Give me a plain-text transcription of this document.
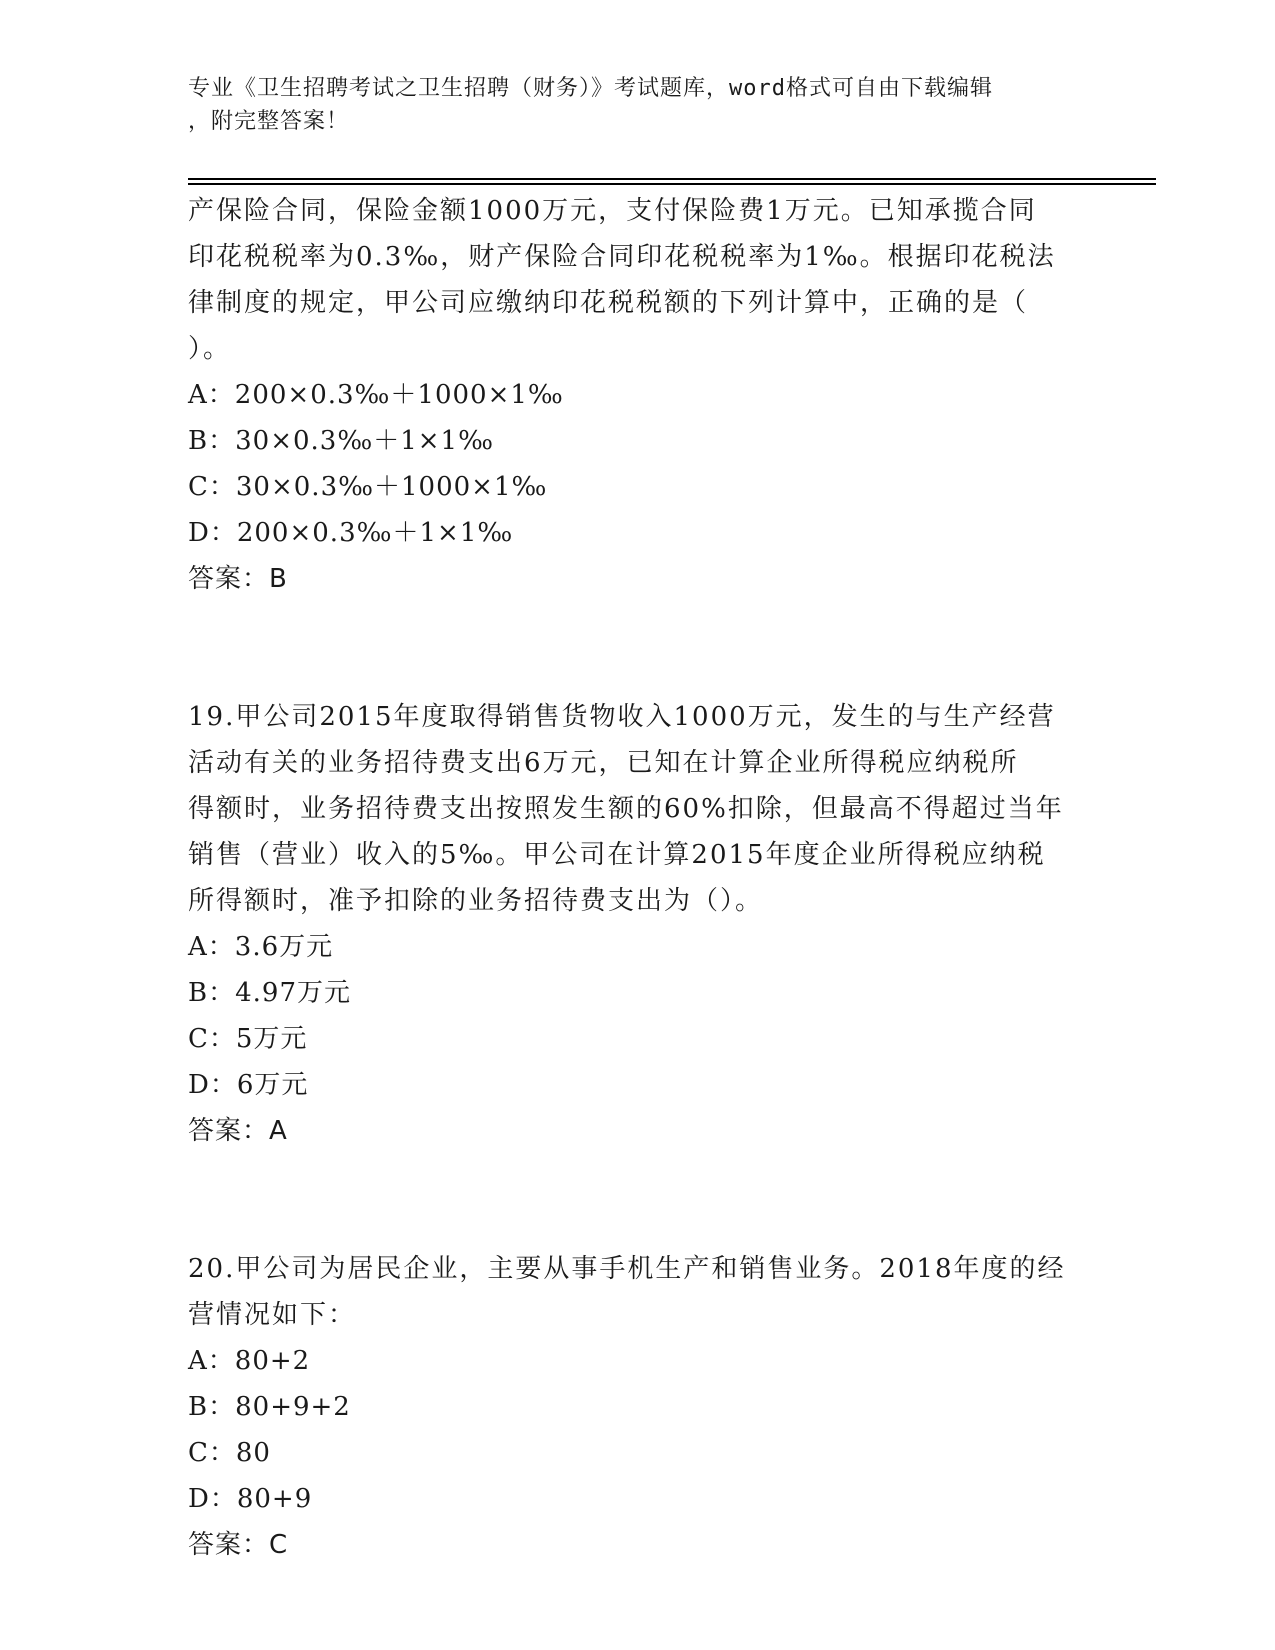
专业《卫生招聘考试之卫生招聘（财务）》考试题库，word格式可自由下载编辑
，附完整答案！
产保险合同，保险金额1000万元，支付保险费1万元。已知承揽合同
印花税税率为0.3‰，财产保险合同印花税税率为1‰。根据印花税法
律制度的规定，甲公司应缴纳印花税税额的下列计算中，正确的是（
）。
A：200×0.3‰＋1000×1‰
B：30×0.3‰＋1×1‰
C：30×0.3‰＋1000×1‰
D：200×0.3‰＋1×1‰
答案：B
19.甲公司2015年度取得销售货物收入1000万元，发生的与生产经营
活动有关的业务招待费支出6万元，已知在计算企业所得税应纳税所
得额时，业务招待费支出按照发生额的60%扣除，但最高不得超过当年
销售（营业）收入的5‰。甲公司在计算2015年度企业所得税应纳税
所得额时，准予扣除的业务招待费支出为（）。
A：3.6万元
B：4.97万元
C：5万元
D：6万元
答案：A
20.甲公司为居民企业，主要从事手机生产和销售业务。2018年度的经
营情况如下：
A：80+2
B：80+9+2
C：80
D：80+9
答案：C
